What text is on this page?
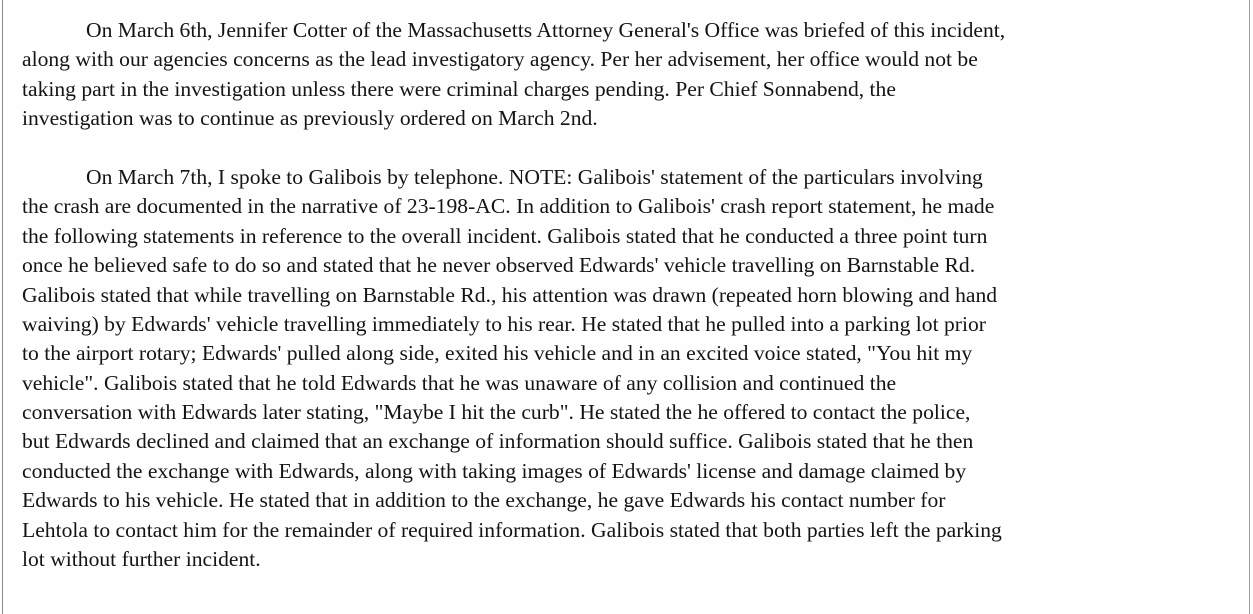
On March 6th, Jennifer Cotter of the Massachusetts Attorney General's Office was briefed of this incident,
along with our agencies concerns as the lead investigatory agency. Per her advisement, her office would not be
taking part in the investigation unless there were criminal charges pending. Per Chief Sonnabend, the
investigation was to continue as previously ordered on March 2nd.
On March 7th, I spoke to Galibois by telephone. NOTE: Galibois' statement of the particulars involving
the crash are documented in the narrative of 23-198-AC. In addition to Galibois' crash report statement, he made
the following statements in reference to the overall incident. Galibois stated that he conducted a three point turn
once he believed safe to do so and stated that he never observed Edwards' vehicle travelling on Barnstable Rd.
Galibois stated that while travelling on Barnstable Rd., his attention was drawn (repeated horn blowing and hand
waiving) by Edwards' vehicle travelling immediately to his rear. He stated that he pulled into a parking lot prior
to the airport rotary; Edwards' pulled along side, exited his vehicle and in an excited voice stated, "You hit my
vehicle". Galibois stated that he told Edwards that he was unaware of any collision and continued the
conversation with Edwards later stating, "Maybe I hit the curb". He stated the he offered to contact the police,
but Edwards declined and claimed that an exchange of information should suffice. Galibois stated that he then
conducted the exchange with Edwards, along with taking images of Edwards' license and damage claimed by
Edwards to his vehicle. He stated that in addition to the exchange, he gave Edwards his contact number for
Lehtola to contact him for the remainder of required information. Galibois stated that both parties left the parking
lot without further incident.
